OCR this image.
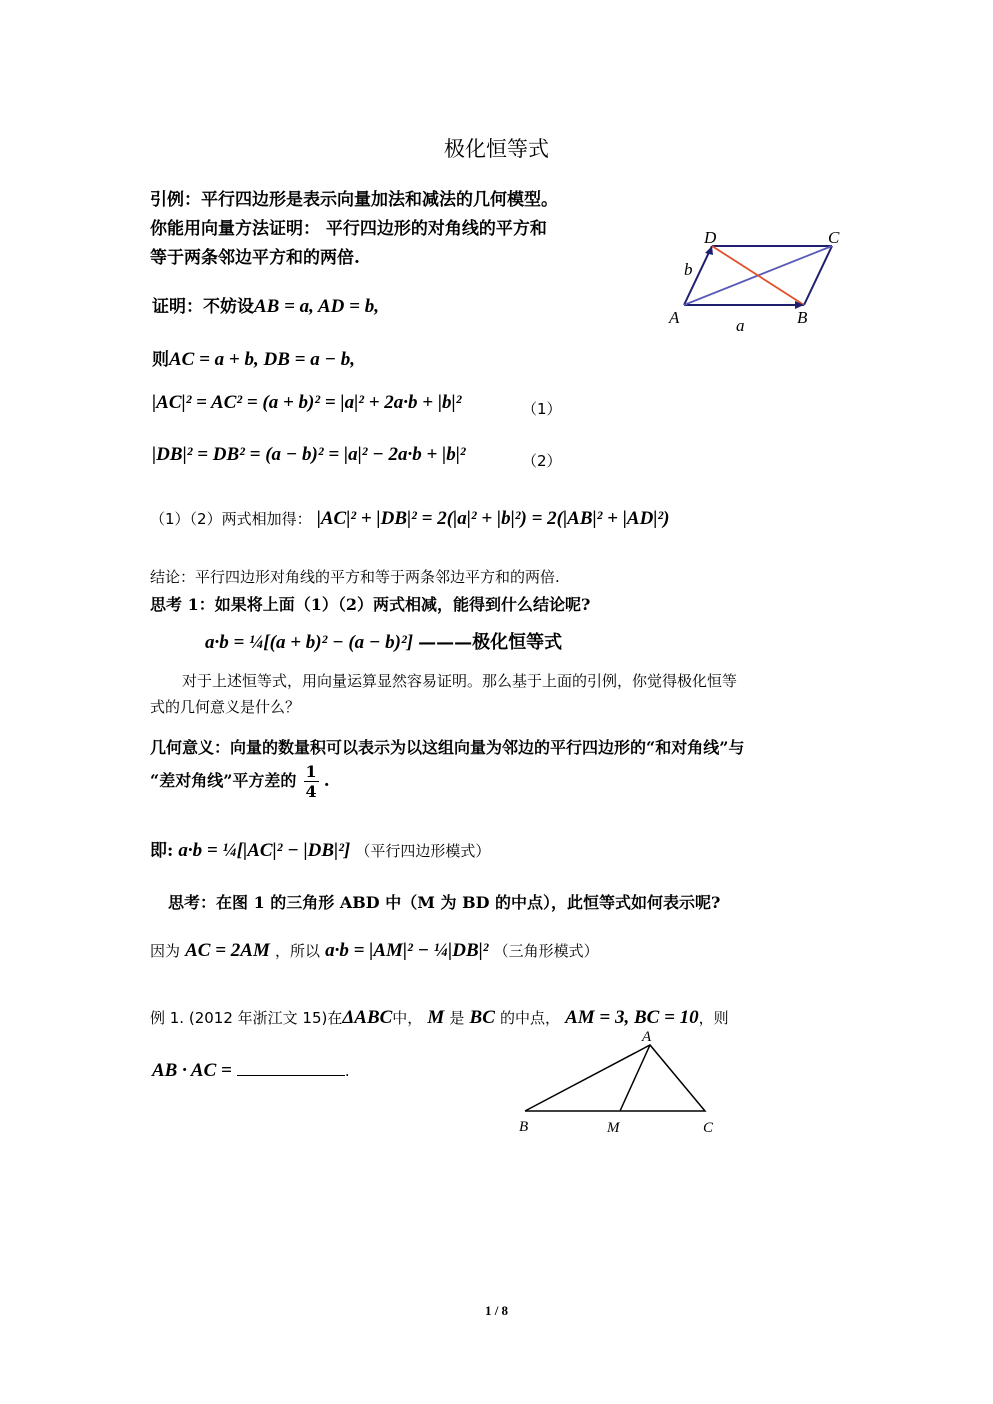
极化恒等式
引例：平行四边形是表示向量加法和减法的几何模型。
你能用向量方法证明： 平行四边形的对角线的平方和
等于两条邻边平方和的两倍.
D	C
A	B
a
b
证明：不妨设AB = a, AD = b,
则AC = a + b, DB = a − b,
|AC|² = AC² = (a + b)² = |a|² + 2a·b + |b|²	（1）
|DB|² = DB² = (a − b)² = |a|² − 2a·b + |b|²	（2）
（1）（2）两式相加得： |AC|² + |DB|² = 2(|a|² + |b|²) = 2(|AB|² + |AD|²)
结论：平行四边形对角线的平方和等于两条邻边平方和的两倍.
思考 1：如果将上面（1）（2）两式相减，能得到什么结论呢?
a·b = ¼[(a + b)² − (a − b)²] ———极化恒等式
对于上述恒等式，用向量运算显然容易证明。那么基于上面的引例，你觉得极化恒等
式的几何意义是什么？
几何意义：向量的数量积可以表示为以这组向量为邻边的平行四边形的“和对角线”与
“差对角线”平方差的 $\frac{1}{4}$ .
即: a·b = ¼[|AC|² − |DB|²] （平行四边形模式）
思考：在图 1 的三角形 ABD 中（M 为 BD 的中点），此恒等式如何表示呢?
因为 AC = 2AM ，所以 a·b = |AM|² − ¼|DB|² （三角形模式）
例 1. (2012 年浙江文 15)在ΔABC中， M 是 BC 的中点， AM = 3, BC = 10，则
AB · AC =	.
A
B	M	C
1 / 8
